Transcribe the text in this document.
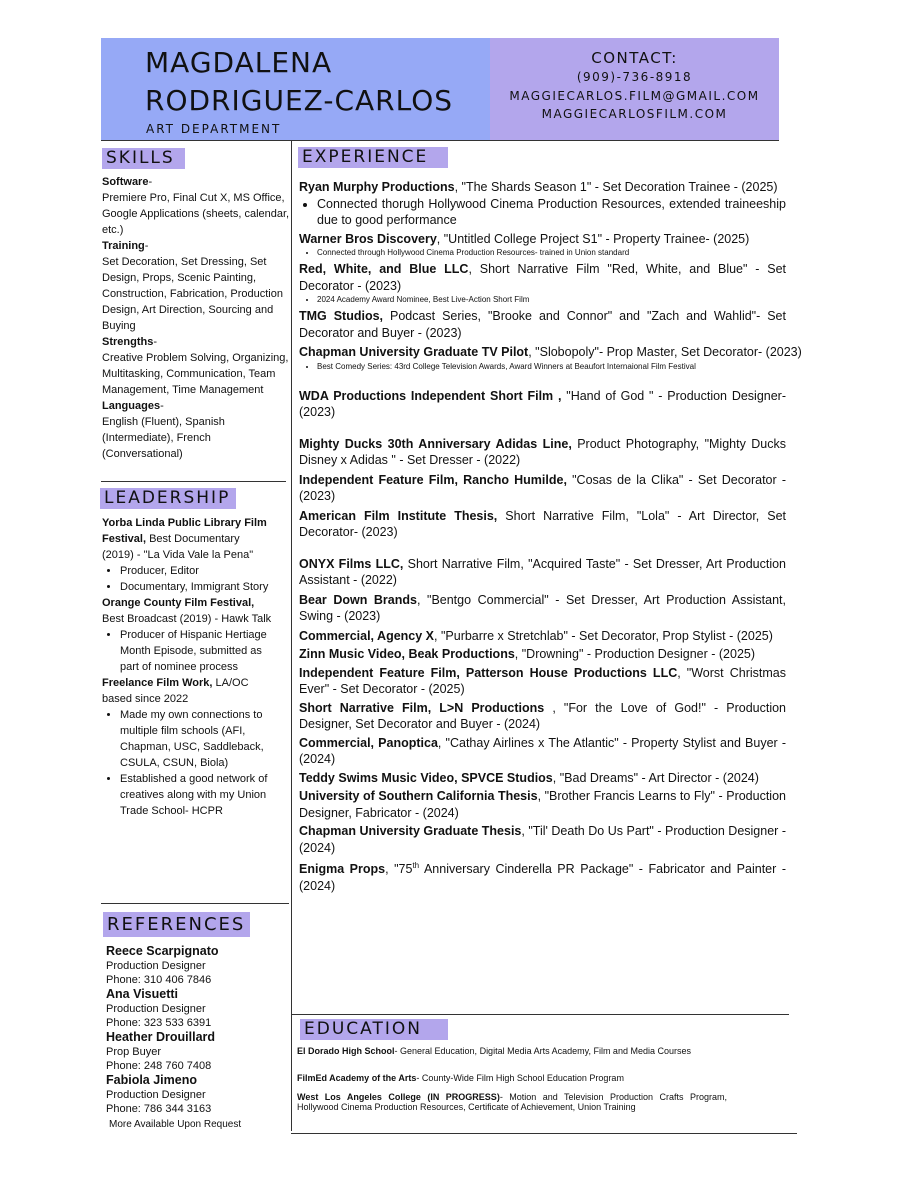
MAGDALENA
RODRIGUEZ-CARLOS
ART DEPARTMENT
CONTACT:
(909)-736-8918
MAGGIECARLOS.FILM@GMAIL.COM
MAGGIECARLOSFILM.COM
SKILLS	EXPERIENCE
LEADERSHIP
REFERENCES
EDUCATION
Software-
Premiere Pro, Final Cut X, MS Office, Google Applications (sheets, calendar, etc.)
Training-
Set Decoration, Set Dressing, Set Design, Props, Scenic Painting, Construction, Fabrication, Production Design, Art Direction, Sourcing and Buying
Strengths-
Creative Problem Solving, Organizing, Multitasking, Communication, Team Management, Time Management
Languages-
English (Fluent), Spanish (Intermediate), French (Conversational)
Yorba Linda Public Library Film Festival, Best Documentary (2019) - "La Vida Vale la Pena"
• Producer, Editor
• Documentary, Immigrant Story
Orange County Film Festival, Best Broadcast (2019) - Hawk Talk
• Producer of Hispanic Hertiage Month Episode, submitted as part of nominee process
Freelance Film Work, LA/OC based since 2022
• Made my own connections to multiple film schools (AFI, Chapman, USC, Saddleback, CSULA, CSUN, Biola)
• Established a good network of creatives along with my Union Trade School- HCPR
Reece Scarpignato
Production Designer
Phone: 310 406 7846
Ana Visuetti
Production Designer
Phone: 323 533 6391
Heather Drouillard
Prop Buyer
Phone: 248 760 7408
Fabiola Jimeno
Production Designer
Phone: 786 344 3163
More Available Upon Request

Ryan Murphy Productions, "The Shards Season 1" - Set Decoration Trainee - (2025)

• Connected thorugh Hollywood Cinema Production Resources, extended traineeship due to good performance

Warner Bros Discovery, "Untitled College Project S1" - Property Trainee- (2025)

• Connected through Hollywood Cinema Production Resources- trained in Union standard

Red, White, and Blue LLC, Short Narrative Film "Red, White, and Blue" - Set Decorator - (2023)

• 2024 Academy Award Nominee, Best Live-Action Short Film

TMG Studios, Podcast Series, "Brooke and Connor" and "Zach and Wahlid"- Set Decorator and Buyer - (2023)

Chapman University Graduate TV Pilot, "Slobopoly"- Prop Master, Set Decorator- (2023)

• Best Comedy Series: 43rd College Television Awards, Award Winners at Beaufort Internaional Film Festival

WDA Productions Independent Short Film , "Hand of God " - Production Designer- (2023)

Mighty Ducks 30th Anniversary Adidas Line, Product Photography, "Mighty Ducks Disney x Adidas " - Set Dresser - (2022)

Independent Feature Film, Rancho Humilde, "Cosas de la Clika" - Set Decorator - (2023)

American Film Institute Thesis, Short Narrative Film, "Lola" - Art Director, Set Decorator- (2023)

ONYX Films LLC, Short Narrative Film, "Acquired Taste" - Set Dresser, Art Production Assistant - (2022)

Bear Down Brands, "Bentgo Commercial" - Set Dresser, Art Production Assistant, Swing - (2023)

Commercial, Agency X, "Purbarre x Stretchlab" - Set Decorator, Prop Stylist - (2025)

Zinn Music Video, Beak Productions, "Drowning" - Production Designer - (2025)

Independent Feature Film, Patterson House Productions LLC, "Worst Christmas Ever" - Set Decorator - (2025)

Short Narrative Film, L>N Productions , "For the Love of God!" - Production Designer, Set Decorator and Buyer - (2024)

Commercial, Panoptica, "Cathay Airlines x The Atlantic" - Property Stylist and Buyer - (2024)

Teddy Swims Music Video, SPVCE Studios, "Bad Dreams" - Art Director - (2024)

University of Southern California Thesis, "Brother Francis Learns to Fly" - Production Designer, Fabricator - (2024)

Chapman University Graduate Thesis, "Til' Death Do Us Part" - Production Designer - (2024)

Enigma Props, "75th Anniversary Cinderella PR Package" - Fabricator and Painter - (2024)

El Dorado High School- General Education, Digital Media Arts Academy, Film and Media Courses
FilmEd Academy of the Arts- County-Wide Film High School Education Program
West Los Angeles College (IN PROGRESS)- Motion and Television Production Crafts Program, Hollywood Cinema Production Resources, Certificate of Achievement, Union Training
